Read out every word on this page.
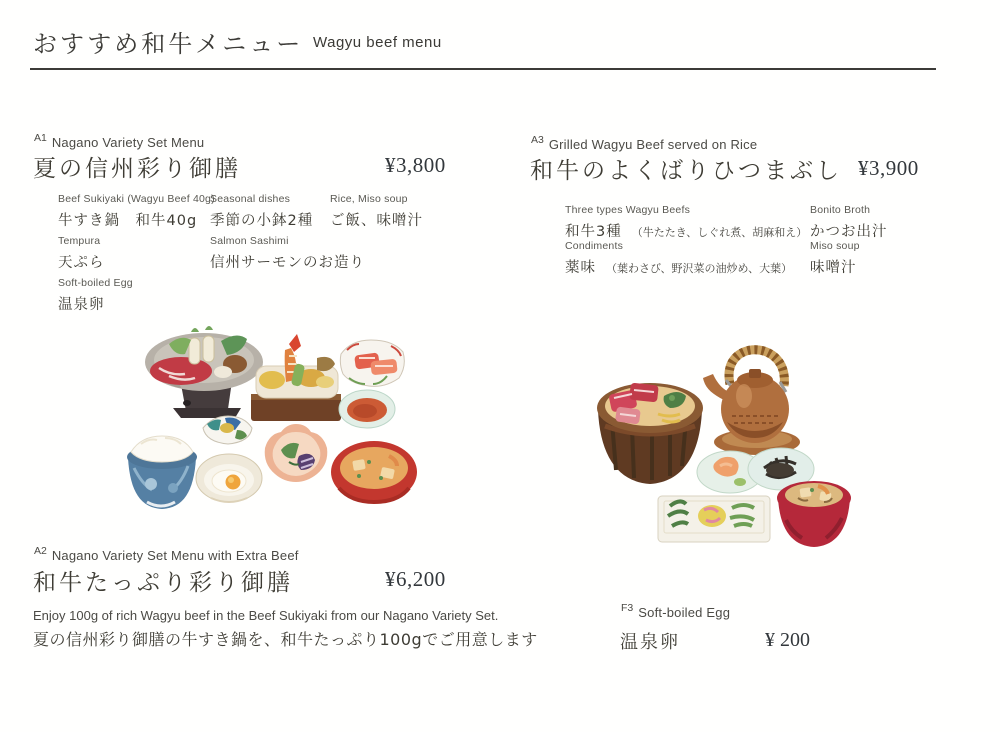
おすすめ和牛メニュー Wagyu beef menu
$^{A1}$ Nagano Variety Set Menu
夏の信州彩り御膳	¥3,800
Beef Sukiyaki (Wagyu Beef 40g)
牛すき鍋　和牛40g
Seasonal dishes
季節の小鉢2種
Rice, Miso soup
ご飯、味噌汁
Tempura
天ぷら
Salmon Sashimi
信州サーモンのお造り
Soft-boiled Egg
温泉卵
$^{A2}$ Nagano Variety Set Menu with Extra Beef
和牛たっぷり彩り御膳	¥6,200
Enjoy 100g of rich Wagyu beef in the Beef Sukiyaki from our Nagano Variety Set.
夏の信州彩り御膳の牛すき鍋を、和牛たっぷり100gでご用意します
$^{A3}$ Grilled Wagyu Beef served on Rice
和牛のよくばりひつまぶし ¥3,900
Three types Wagyu Beefs
和牛3種　 （牛たたき、しぐれ煮、胡麻和え）
Bonito Broth
かつお出汁
Condiments
薬味　 （葉わさび、野沢菜の油炒め、大葉）
Miso soup
味噌汁
$^{F3}$ Soft-boiled Egg
温泉卵	¥ 200
